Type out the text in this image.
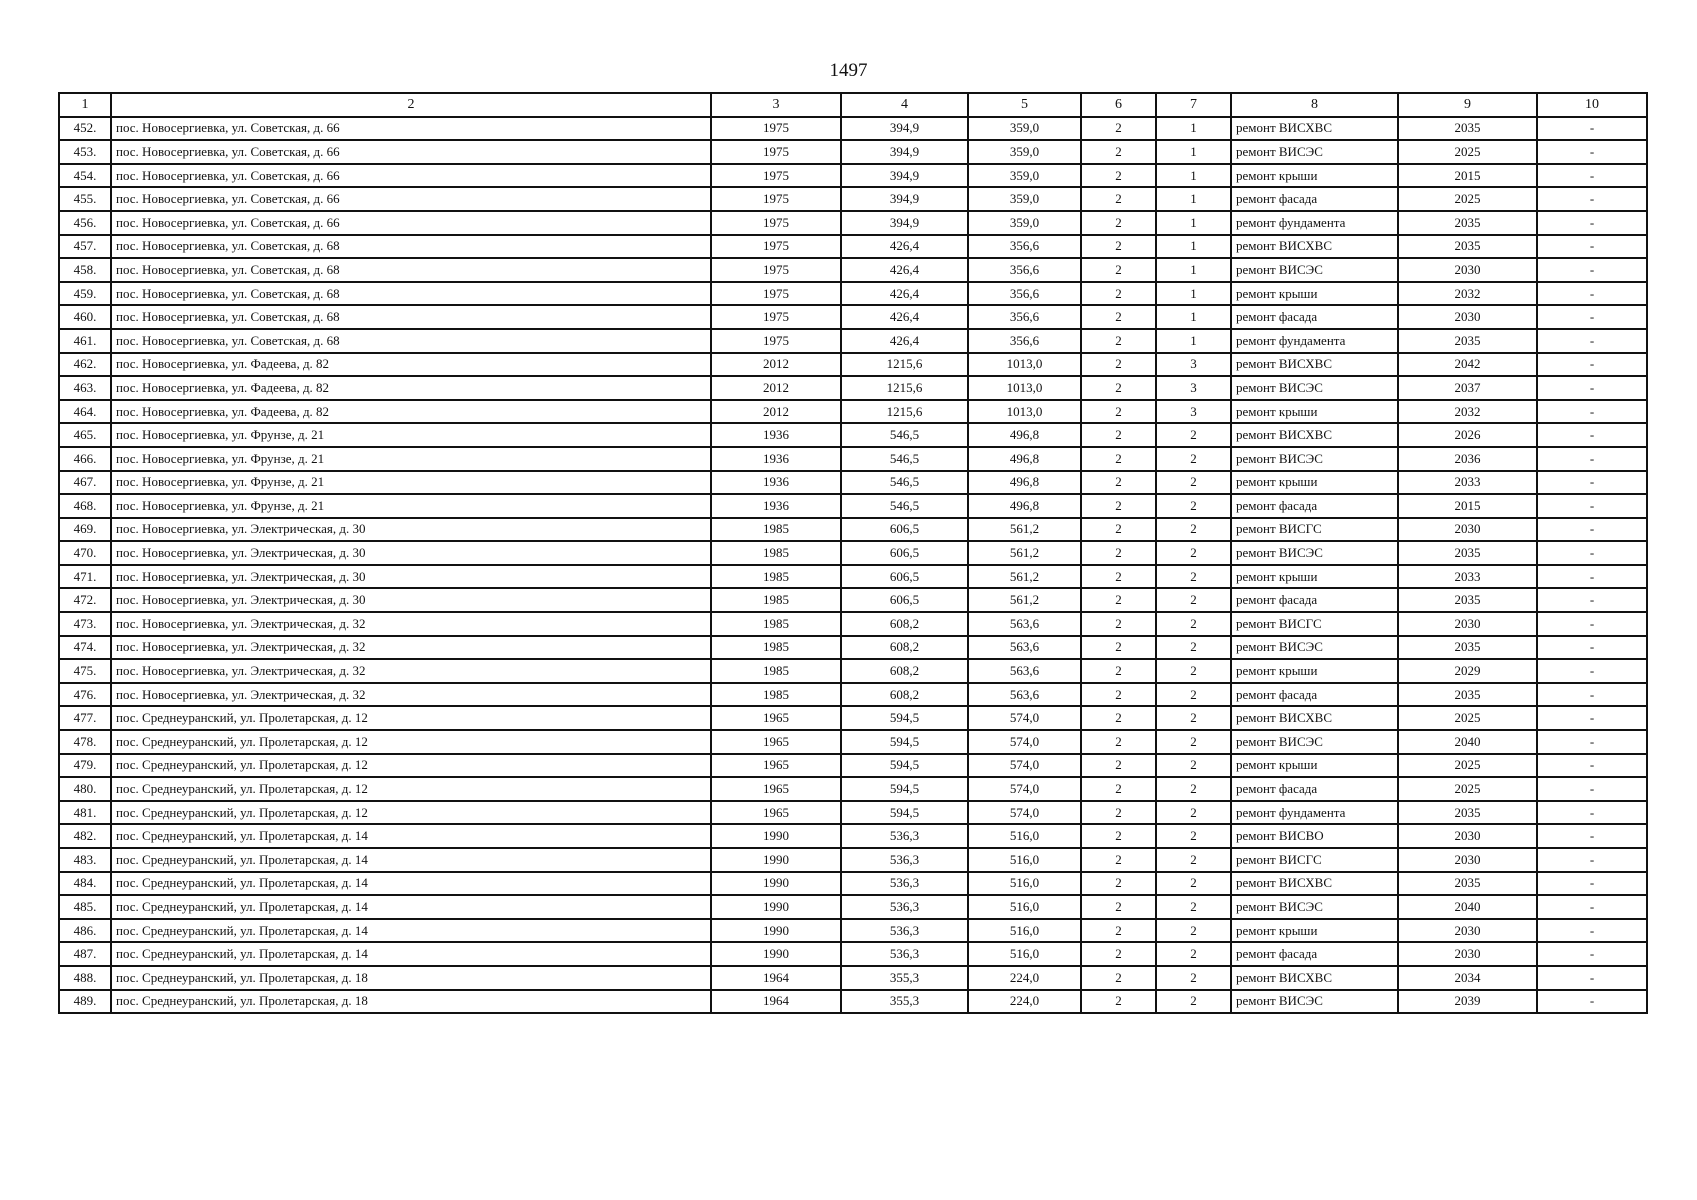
1497
1	2	3	4	5	6	7	8	9	10
452.	пос. Новосергиевка, ул. Советская, д. 66	1975	394,9	359,0	2	1	ремонт ВИСХВС	2035	-
453.	пос. Новосергиевка, ул. Советская, д. 66	1975	394,9	359,0	2	1	ремонт ВИСЭС	2025	-
454.	пос. Новосергиевка, ул. Советская, д. 66	1975	394,9	359,0	2	1	ремонт крыши	2015	-
455.	пос. Новосергиевка, ул. Советская, д. 66	1975	394,9	359,0	2	1	ремонт фасада	2025	-
456.	пос. Новосергиевка, ул. Советская, д. 66	1975	394,9	359,0	2	1	ремонт фундамента	2035	-
457.	пос. Новосергиевка, ул. Советская, д. 68	1975	426,4	356,6	2	1	ремонт ВИСХВС	2035	-
458.	пос. Новосергиевка, ул. Советская, д. 68	1975	426,4	356,6	2	1	ремонт ВИСЭС	2030	-
459.	пос. Новосергиевка, ул. Советская, д. 68	1975	426,4	356,6	2	1	ремонт крыши	2032	-
460.	пос. Новосергиевка, ул. Советская, д. 68	1975	426,4	356,6	2	1	ремонт фасада	2030	-
461.	пос. Новосергиевка, ул. Советская, д. 68	1975	426,4	356,6	2	1	ремонт фундамента	2035	-
462.	пос. Новосергиевка, ул. Фадеева, д. 82	2012	1215,6	1013,0	2	3	ремонт ВИСХВС	2042	-
463.	пос. Новосергиевка, ул. Фадеева, д. 82	2012	1215,6	1013,0	2	3	ремонт ВИСЭС	2037	-
464.	пос. Новосергиевка, ул. Фадеева, д. 82	2012	1215,6	1013,0	2	3	ремонт крыши	2032	-
465.	пос. Новосергиевка, ул. Фрунзе, д. 21	1936	546,5	496,8	2	2	ремонт ВИСХВС	2026	-
466.	пос. Новосергиевка, ул. Фрунзе, д. 21	1936	546,5	496,8	2	2	ремонт ВИСЭС	2036	-
467.	пос. Новосергиевка, ул. Фрунзе, д. 21	1936	546,5	496,8	2	2	ремонт крыши	2033	-
468.	пос. Новосергиевка, ул. Фрунзе, д. 21	1936	546,5	496,8	2	2	ремонт фасада	2015	-
469.	пос. Новосергиевка, ул. Электрическая, д. 30	1985	606,5	561,2	2	2	ремонт ВИСГС	2030	-
470.	пос. Новосергиевка, ул. Электрическая, д. 30	1985	606,5	561,2	2	2	ремонт ВИСЭС	2035	-
471.	пос. Новосергиевка, ул. Электрическая, д. 30	1985	606,5	561,2	2	2	ремонт крыши	2033	-
472.	пос. Новосергиевка, ул. Электрическая, д. 30	1985	606,5	561,2	2	2	ремонт фасада	2035	-
473.	пос. Новосергиевка, ул. Электрическая, д. 32	1985	608,2	563,6	2	2	ремонт ВИСГС	2030	-
474.	пос. Новосергиевка, ул. Электрическая, д. 32	1985	608,2	563,6	2	2	ремонт ВИСЭС	2035	-
475.	пос. Новосергиевка, ул. Электрическая, д. 32	1985	608,2	563,6	2	2	ремонт крыши	2029	-
476.	пос. Новосергиевка, ул. Электрическая, д. 32	1985	608,2	563,6	2	2	ремонт фасада	2035	-
477.	пос. Среднеуранский, ул. Пролетарская, д. 12	1965	594,5	574,0	2	2	ремонт ВИСХВС	2025	-
478.	пос. Среднеуранский, ул. Пролетарская, д. 12	1965	594,5	574,0	2	2	ремонт ВИСЭС	2040	-
479.	пос. Среднеуранский, ул. Пролетарская, д. 12	1965	594,5	574,0	2	2	ремонт крыши	2025	-
480.	пос. Среднеуранский, ул. Пролетарская, д. 12	1965	594,5	574,0	2	2	ремонт фасада	2025	-
481.	пос. Среднеуранский, ул. Пролетарская, д. 12	1965	594,5	574,0	2	2	ремонт фундамента	2035	-
482.	пос. Среднеуранский, ул. Пролетарская, д. 14	1990	536,3	516,0	2	2	ремонт ВИСВО	2030	-
483.	пос. Среднеуранский, ул. Пролетарская, д. 14	1990	536,3	516,0	2	2	ремонт ВИСГС	2030	-
484.	пос. Среднеуранский, ул. Пролетарская, д. 14	1990	536,3	516,0	2	2	ремонт ВИСХВС	2035	-
485.	пос. Среднеуранский, ул. Пролетарская, д. 14	1990	536,3	516,0	2	2	ремонт ВИСЭС	2040	-
486.	пос. Среднеуранский, ул. Пролетарская, д. 14	1990	536,3	516,0	2	2	ремонт крыши	2030	-
487.	пос. Среднеуранский, ул. Пролетарская, д. 14	1990	536,3	516,0	2	2	ремонт фасада	2030	-
488.	пос. Среднеуранский, ул. Пролетарская, д. 18	1964	355,3	224,0	2	2	ремонт ВИСХВС	2034	-
489.	пос. Среднеуранский, ул. Пролетарская, д. 18	1964	355,3	224,0	2	2	ремонт ВИСЭС	2039	-
